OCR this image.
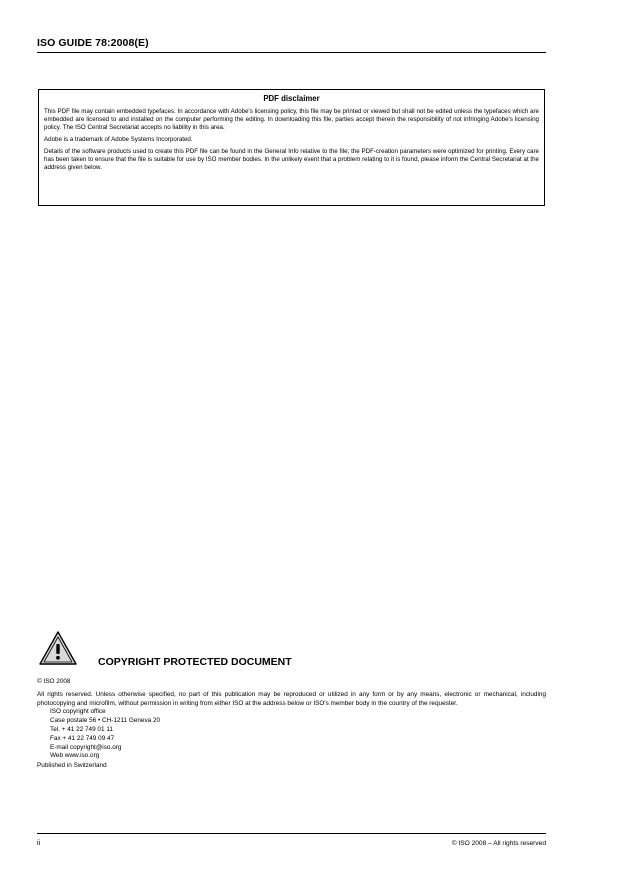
ISO GUIDE 78:2008(E)
PDF disclaimer

This PDF file may contain embedded typefaces. In accordance with Adobe's licensing policy, this file may be printed or viewed but shall not be edited unless the typefaces which are embedded are licensed to and installed on the computer performing the editing. In downloading this file, parties accept therein the responsibility of not infringing Adobe's licensing policy. The ISO Central Secretariat accepts no liability in this area.

Adobe is a trademark of Adobe Systems Incorporated.

Details of the software products used to create this PDF file can be found in the General Info relative to the file; the PDF-creation parameters were optimized for printing. Every care has been taken to ensure that the file is suitable for use by ISO member bodies. In the unlikely event that a problem relating to it is found, please inform the Central Secretariat at the address given below.

COPYRIGHT PROTECTED DOCUMENT
© ISO 2008
All rights reserved. Unless otherwise specified, no part of this publication may be reproduced or utilized in any form or by any means, electronic or mechanical, including photocopying and microfilm, without permission in writing from either ISO at the address below or ISO's member body in the country of the requester.
ISO copyright office
Case postale 56 • CH-1211 Geneva 20
Tel. + 41 22 749 01 11
Fax + 41 22 749 09 47
E-mail copyright@iso.org
Web www.iso.org
Published in Switzerland
ii	© ISO 2008 – All rights reserved
